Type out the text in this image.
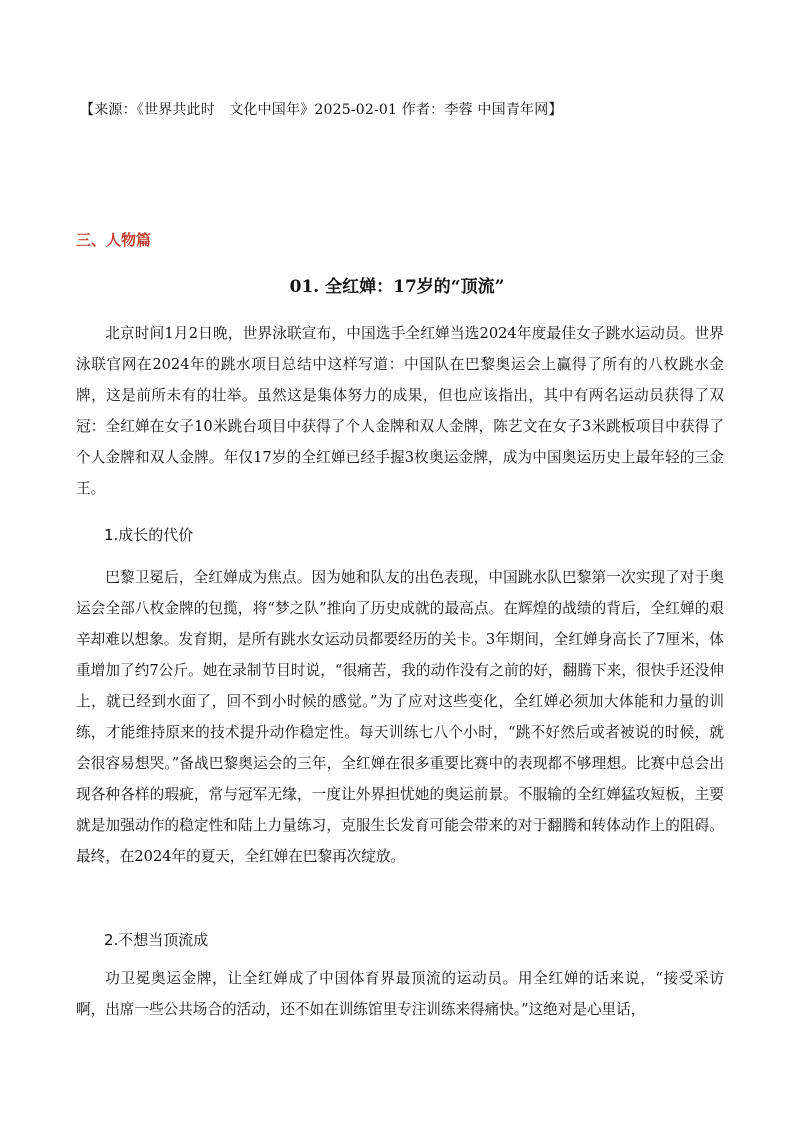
【来源：《世界共此时　文化中国年》2025-02-01 作者：李蓉 中国青年网】
三、人物篇
01. 全红婵：17岁的“顶流”

北京时间1月2日晚，世界泳联宣布，中国选手全红婵当选2024年度最佳女子跳水运动员。世界泳联官网在2024年的跳水项目总结中这样写道：中国队在巴黎奥运会上赢得了所有的八枚跳水金牌，这是前所未有的壮举。虽然这是集体努力的成果，但也应该指出，其中有两名运动员获得了双冠：全红婵在女子10米跳台项目中获得了个人金牌和双人金牌，陈艺文在女子3米跳板项目中获得了个人金牌和双人金牌。年仅17岁的全红婵已经手握3枚奥运金牌，成为中国奥运历史上最年轻的三金王。

1.成长的代价

巴黎卫冕后，全红婵成为焦点。因为她和队友的出色表现，中国跳水队巴黎第一次实现了对于奥运会全部八枚金牌的包揽，将“梦之队”推向了历史成就的最高点。在辉煌的战绩的背后，全红婵的艰辛却难以想象。发育期，是所有跳水女运动员都要经历的关卡。3年期间，全红婵身高长了7厘米，体重增加了约7公斤。她在录制节目时说，“很痛苦，我的动作没有之前的好，翻腾下来，很快手还没伸上，就已经到水面了，回不到小时候的感觉。”为了应对这些变化，全红婵必须加大体能和力量的训练，才能维持原来的技术提升动作稳定性。每天训练七八个小时，“跳不好然后或者被说的时候，就会很容易想哭。”备战巴黎奥运会的三年，全红婵在很多重要比赛中的表现都不够理想。比赛中总会出现各种各样的瑕疵，常与冠军无缘，一度让外界担忧她的奥运前景。不服输的全红婵猛攻短板，主要就是加强动作的稳定性和陆上力量练习，克服生长发育可能会带来的对于翻腾和转体动作上的阻碍。最终，在2024年的夏天，全红婵在巴黎再次绽放。

2.不想当顶流成

功卫冕奥运金牌，让全红婵成了中国体育界最顶流的运动员。用全红婵的话来说，“接受采访啊，出席一些公共场合的活动，还不如在训练馆里专注训练来得痛快。”这绝对是心里话，
